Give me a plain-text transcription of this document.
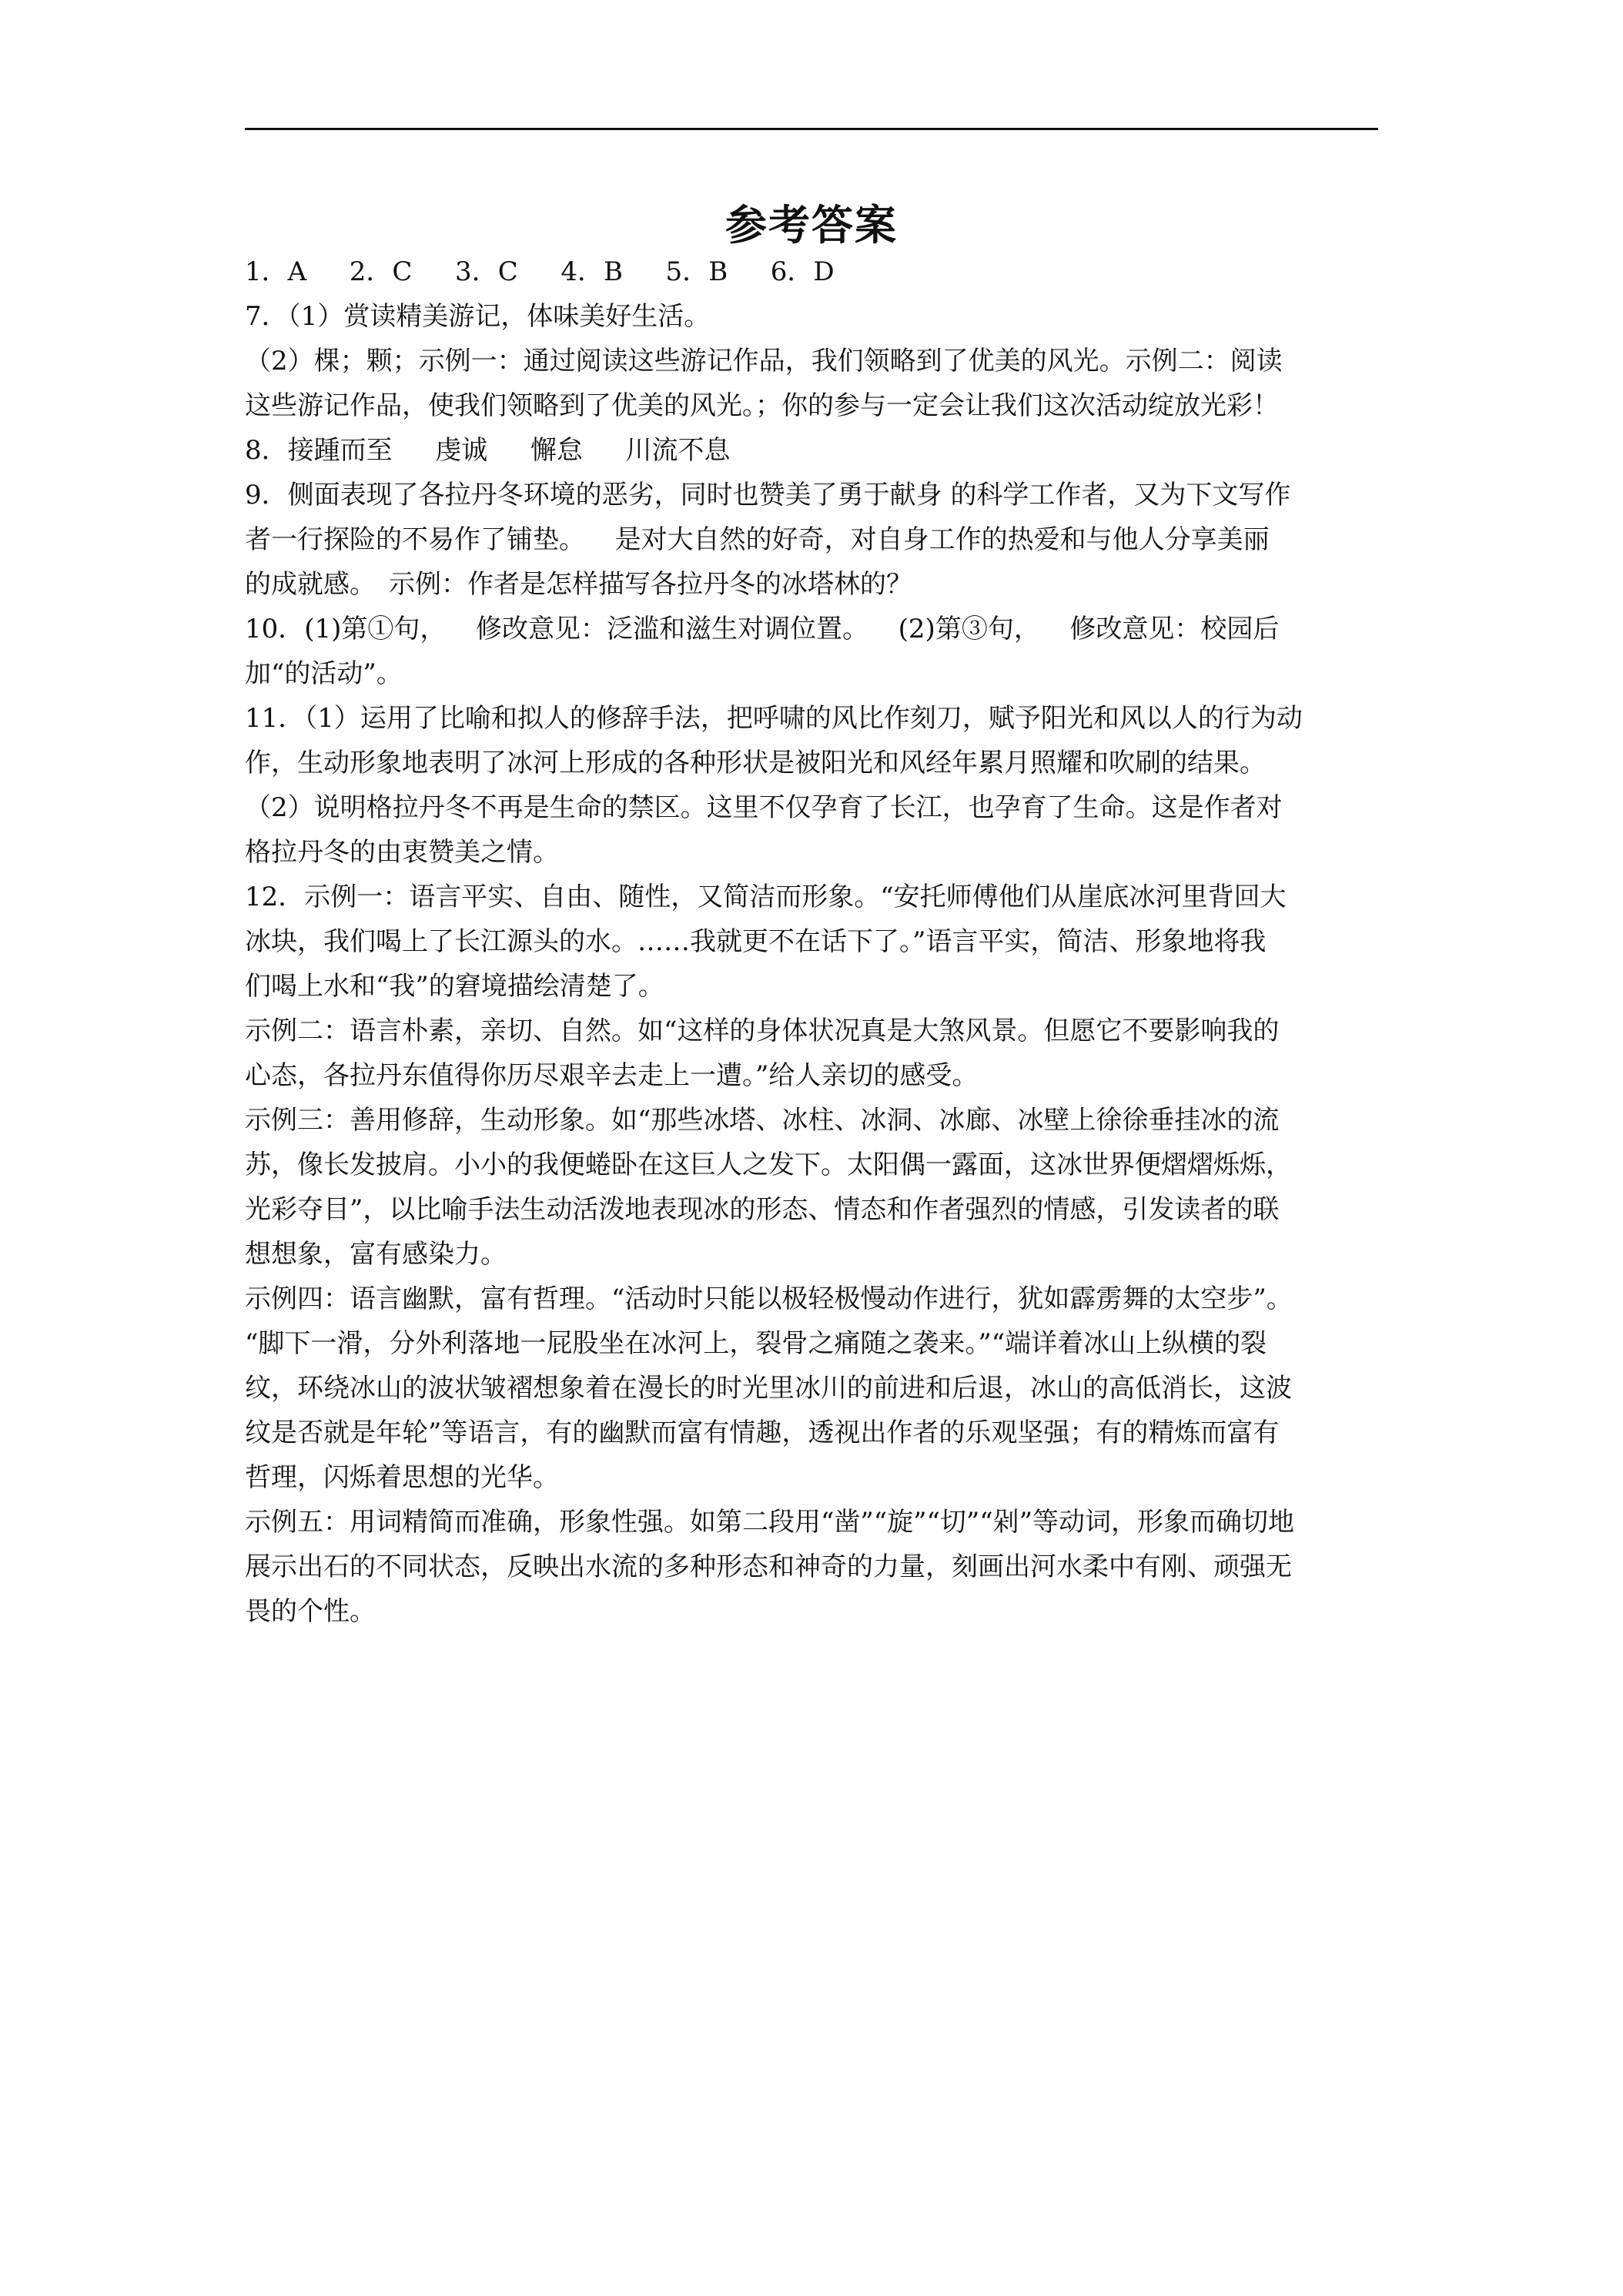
参考答案
1．A　  2．C　  3．C　  4．B　  5．B　  6．D
7．（1）赏读精美游记，体味美好生活。
（2）棵；颗；示例一：通过阅读这些游记作品，我们领略到了优美的风光。示例二：阅读
这些游记作品，使我们领略到了优美的风光。；你的参与一定会让我们这次活动绽放光彩！
8．接踵而至　  虔诚　  懈怠　  川流不息
9．侧面表现了各拉丹冬环境的恶劣，同时也赞美了勇于献身 的科学工作者，又为下文写作
者一行探险的不易作了铺垫。　  是对大自然的好奇，对自身工作的热爱和与他人分享美丽
的成就感。　示例：作者是怎样描写各拉丹冬的冰塔林的？
10．(1)第①句，　  修改意见：泛滥和滋生对调位置。　  (2)第③句，　  修改意见：校园后
加“的活动”。
11．（1）运用了比喻和拟人的修辞手法，把呼啸的风比作刻刀，赋予阳光和风以人的行为动
作，生动形象地表明了冰河上形成的各种形状是被阳光和风经年累月照耀和吹刷的结果。
（2）说明格拉丹冬不再是生命的禁区。这里不仅孕育了长江，也孕育了生命。这是作者对
格拉丹冬的由衷赞美之情。
12．示例一：语言平实、自由、随性，又简洁而形象。“安托师傅他们从崖底冰河里背回大
冰块，我们喝上了长江源头的水。……我就更不在话下了。”语言平实，简洁、形象地将我
们喝上水和“我”的窘境描绘清楚了。
示例二：语言朴素，亲切、自然。如“这样的身体状况真是大煞风景。但愿它不要影响我的
心态，各拉丹东值得你历尽艰辛去走上一遭。”给人亲切的感受。
示例三：善用修辞，生动形象。如“那些冰塔、冰柱、冰洞、冰廊、冰壁上徐徐垂挂冰的流
苏，像长发披肩。小小的我便蜷卧在这巨人之发下。太阳偶一露面，这冰世界便熠熠烁烁，
光彩夺目”，以比喻手法生动活泼地表现冰的形态、情态和作者强烈的情感，引发读者的联
想想象，富有感染力。
示例四：语言幽默，富有哲理。“活动时只能以极轻极慢动作进行，犹如霹雳舞的太空步”。
“脚下一滑，分外利落地一屁股坐在冰河上，裂骨之痛随之袭来。”“端详着冰山上纵横的裂
纹，环绕冰山的波状皱褶想象着在漫长的时光里冰川的前进和后退，冰山的高低消长，这波
纹是否就是年轮”等语言，有的幽默而富有情趣，透视出作者的乐观坚强；有的精炼而富有
哲理，闪烁着思想的光华。
示例五：用词精简而准确，形象性强。如第二段用“凿”“旋”“切”“剁”等动词，形象而确切地
展示出石的不同状态，反映出水流的多种形态和神奇的力量，刻画出河水柔中有刚、顽强无
畏的个性。
